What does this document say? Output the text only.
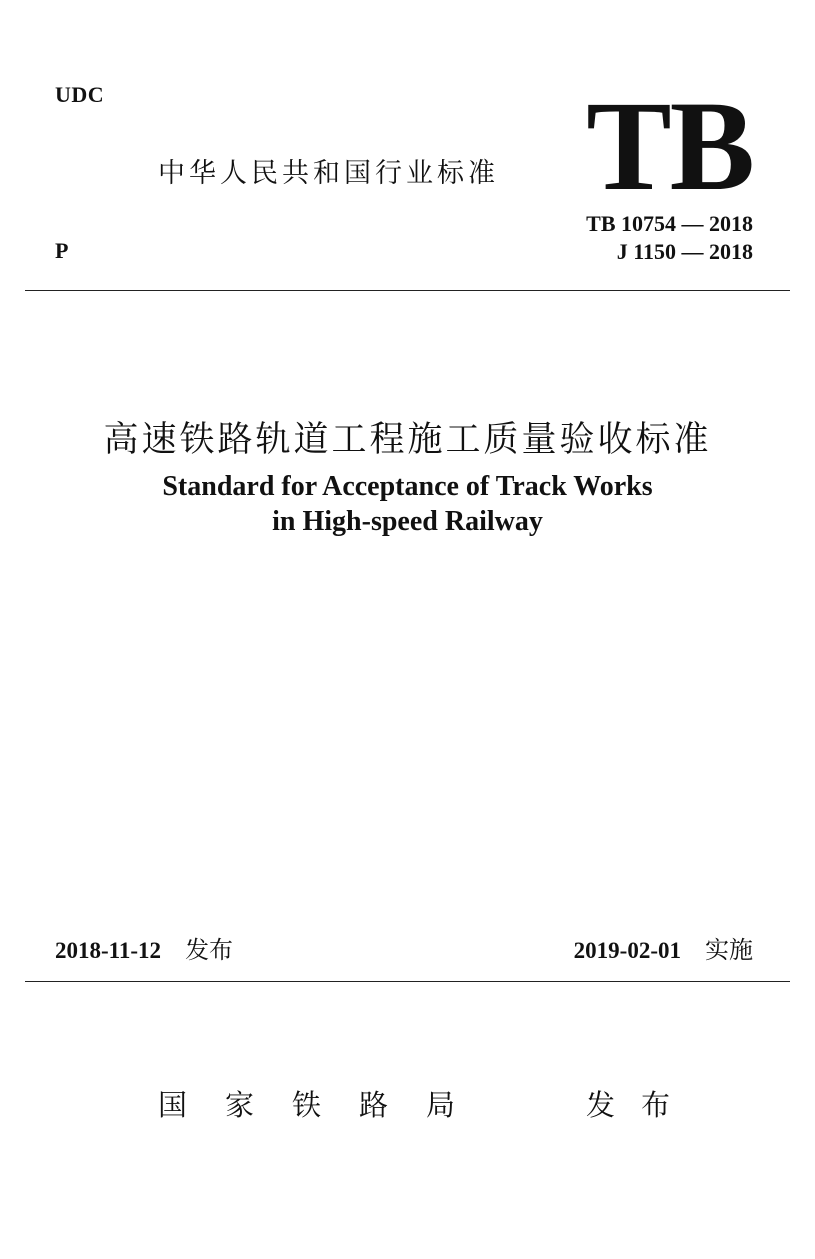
UDC
中华人民共和国行业标准 TB
TB 10754 — 2018
J 1150 — 2018
P
高速铁路轨道工程施工质量验收标准
Standard for Acceptance of Track Works
in High-speed Railway
2018-11-12 发布	2019-02-01 实施
国家铁路局	发布
